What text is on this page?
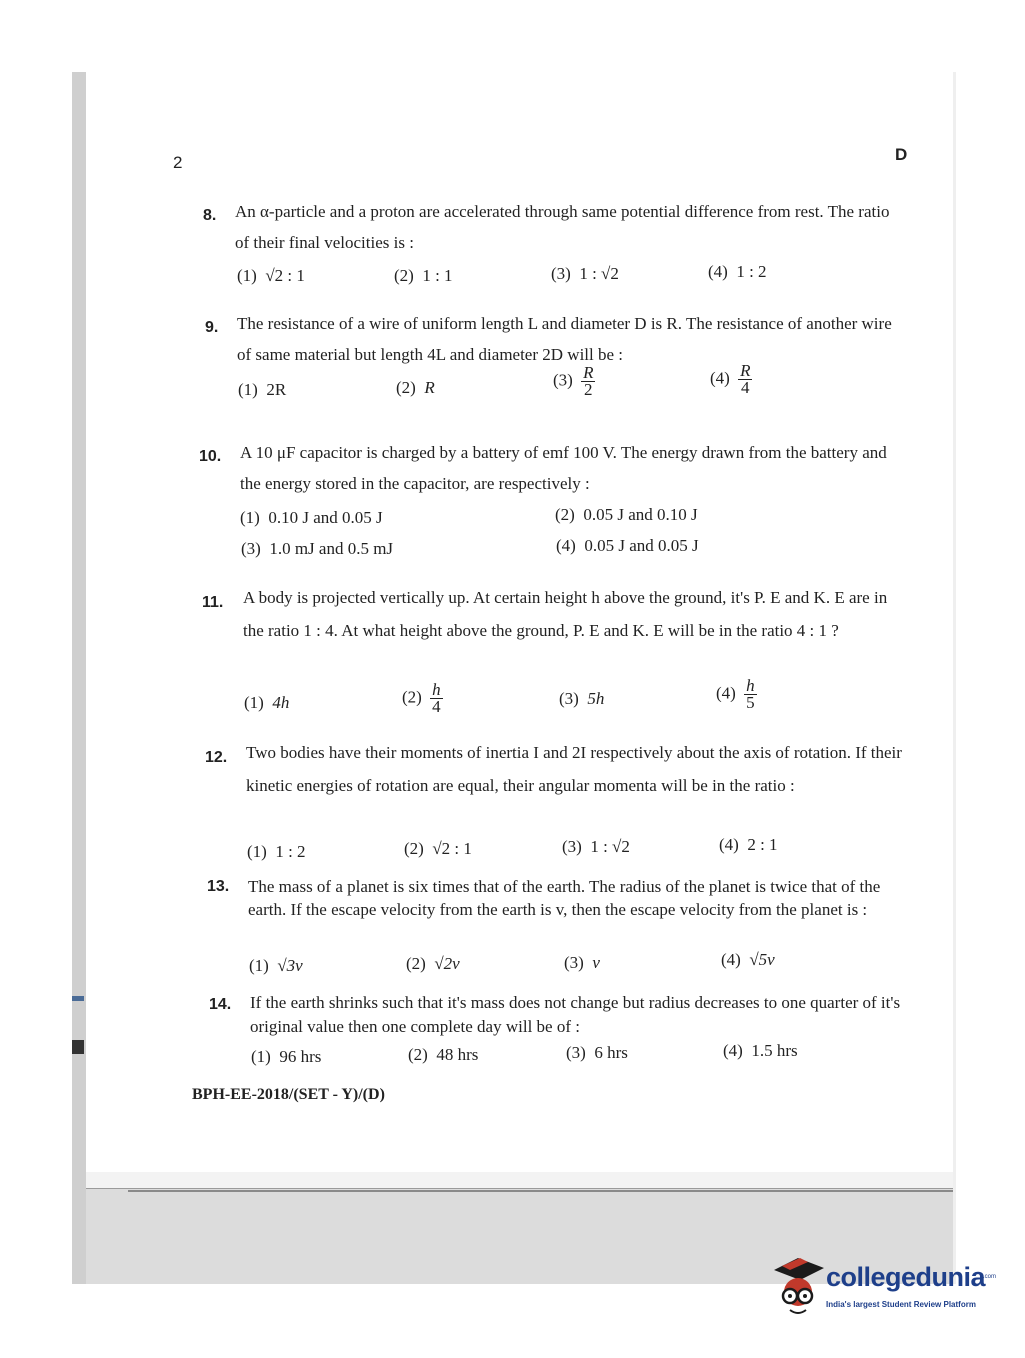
2	D
8. An α-particle and a proton are accelerated through same potential difference from rest. The ratio of their final velocities is :
(1) √2 : 1	(2) 1 : 1	(3) 1 : √2	(4) 1 : 2
9. The resistance of a wire of uniform length L and diameter D is R. The resistance of another wire of same material but length 4L and diameter 2D will be :
(1) 2R	(2) R	$(3) \frac{R}{2}$	$(4) \frac{R}{4}$
10. A 10 μF capacitor is charged by a battery of emf 100 V. The energy drawn from the battery and the energy stored in the capacitor, are respectively :
(1) 0.10 J and 0.05 J	(2) 0.05 J and 0.10 J
(3) 1.0 mJ and 0.5 mJ	(4) 0.05 J and 0.05 J
11. A body is projected vertically up. At certain height h above the ground, it's P. E and K. E are in the ratio 1 : 4. At what height above the ground, P. E and K. E will be in the ratio 4 : 1 ?
(1) 4h	$(2) \frac{h}{4}$	(3) 5h	$(4) \frac{h}{5}$
12. Two bodies have their moments of inertia I and 2I respectively about the axis of rotation. If their kinetic energies of rotation are equal, their angular momenta will be in the ratio :
(1) 1 : 2	(2) √2 : 1	(3) 1 : √2	(4) 2 : 1
13. The mass of a planet is six times that of the earth. The radius of the planet is twice that of the earth. If the escape velocity from the earth is v, then the escape velocity from the planet is :
(1) √3v	(2) √2v	(3) v	(4) √5v
14. If the earth shrinks such that it's mass does not change but radius decreases to one quarter of it's original value then one complete day will be of :
(1) 96 hrs	(2) 48 hrs	(3) 6 hrs	(4) 1.5 hrs
BPH-EE-2018/(SET - Y)/(D)
collegedunia
.com
India's largest Student Review Platform
